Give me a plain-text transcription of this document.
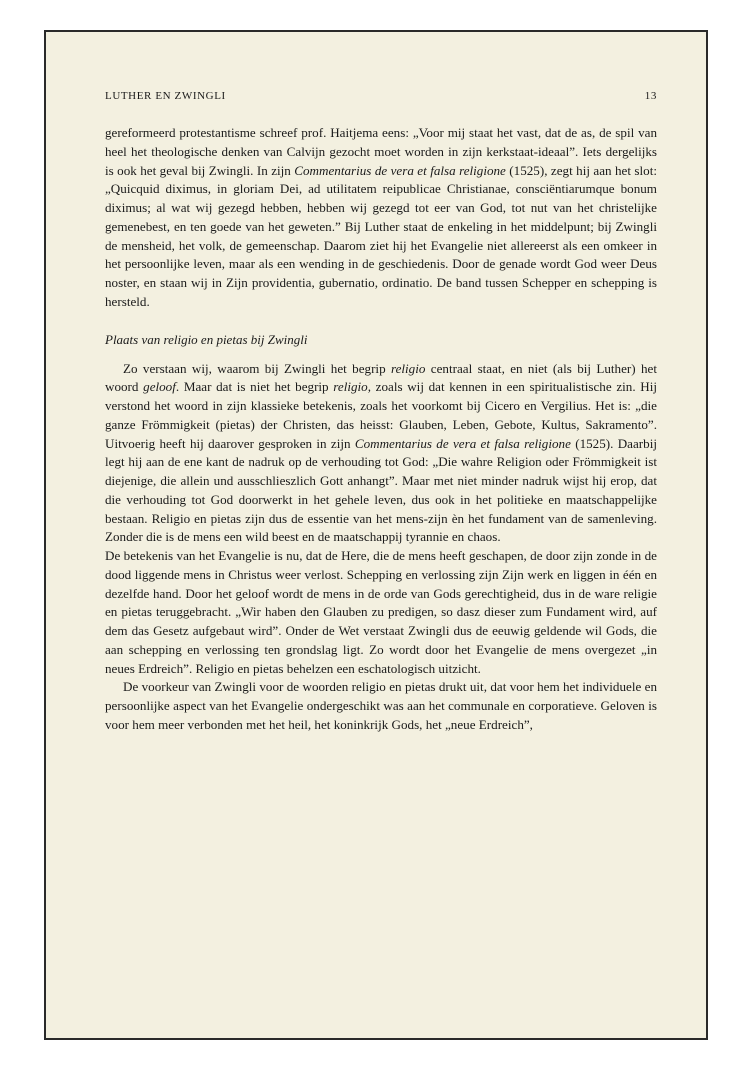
LUTHER EN ZWINGLI	13

gereformeerd protestantisme schreef prof. Haitjema eens: „Voor mij staat het vast, dat de as, de spil van heel het theologische denken van Calvijn gezocht moet worden in zijn kerkstaat-ideaal”. Iets dergelijks is ook het geval bij Zwingli. In zijn Commentarius de vera et falsa religione (1525), zegt hij aan het slot: „Quicquid diximus, in gloriam Dei, ad utilitatem reipublicae Christianae, consciëntiarumque bonum diximus; al wat wij gezegd hebben, hebben wij gezegd tot eer van God, tot nut van het christelijke gemenebest, en ten goede van het geweten.” Bij Luther staat de enkeling in het middelpunt; bij Zwingli de mensheid, het volk, de gemeenschap. Daarom ziet hij het Evangelie niet allereerst als een omkeer in het persoonlijke leven, maar als een wending in de geschiedenis. Door de genade wordt God weer Deus noster, en staan wij in Zijn providentia, gubernatio, ordinatio. De band tussen Schepper en schepping is hersteld.

Plaats van religio en pietas bij Zwingli

Zo verstaan wij, waarom bij Zwingli het begrip religio centraal staat, en niet (als bij Luther) het woord geloof. Maar dat is niet het begrip religio, zoals wij dat kennen in een spiritualistische zin. Hij verstond het woord in zijn klassieke betekenis, zoals het voorkomt bij Cicero en Vergilius. Het is: „die ganze Frömmigkeit (pietas) der Christen, das heisst: Glauben, Leben, Gebote, Kultus, Sakramento”. Uitvoerig heeft hij daarover gesproken in zijn Commentarius de vera et falsa religione (1525). Daarbij legt hij aan de ene kant de nadruk op de verhouding tot God: „Die wahre Religion oder Frömmigkeit ist diejenige, die allein und ausschlieszlich Gott anhangt”. Maar met niet minder nadruk wijst hij erop, dat die verhouding tot God doorwerkt in het gehele leven, dus ook in het politieke en maatschappelijke bestaan. Religio en pietas zijn dus de essentie van het mens-zijn èn het fundament van de samenleving. Zonder die is de mens een wild beest en de maatschappij tyrannie en chaos.

De betekenis van het Evangelie is nu, dat de Here, die de mens heeft geschapen, de door zijn zonde in de dood liggende mens in Christus weer verlost. Schepping en verlossing zijn Zijn werk en liggen in één en dezelfde hand. Door het geloof wordt de mens in de orde van Gods gerechtigheid, dus in de ware religie en pietas teruggebracht. „Wir haben den Glauben zu predigen, so dasz dieser zum Fundament wird, auf dem das Gesetz aufgebaut wird”. Onder de Wet verstaat Zwingli dus de eeuwig geldende wil Gods, die aan schepping en verlossing ten grondslag ligt. Zo wordt door het Evangelie de mens overgezet „in neues Erdreich”. Religio en pietas behelzen een eschatologisch uitzicht.

De voorkeur van Zwingli voor de woorden religio en pietas drukt uit, dat voor hem het individuele en persoonlijke aspect van het Evangelie ondergeschikt was aan het communale en corporatieve. Geloven is voor hem meer verbonden met het heil, het koninkrijk Gods, het „neue Erdreich”,
